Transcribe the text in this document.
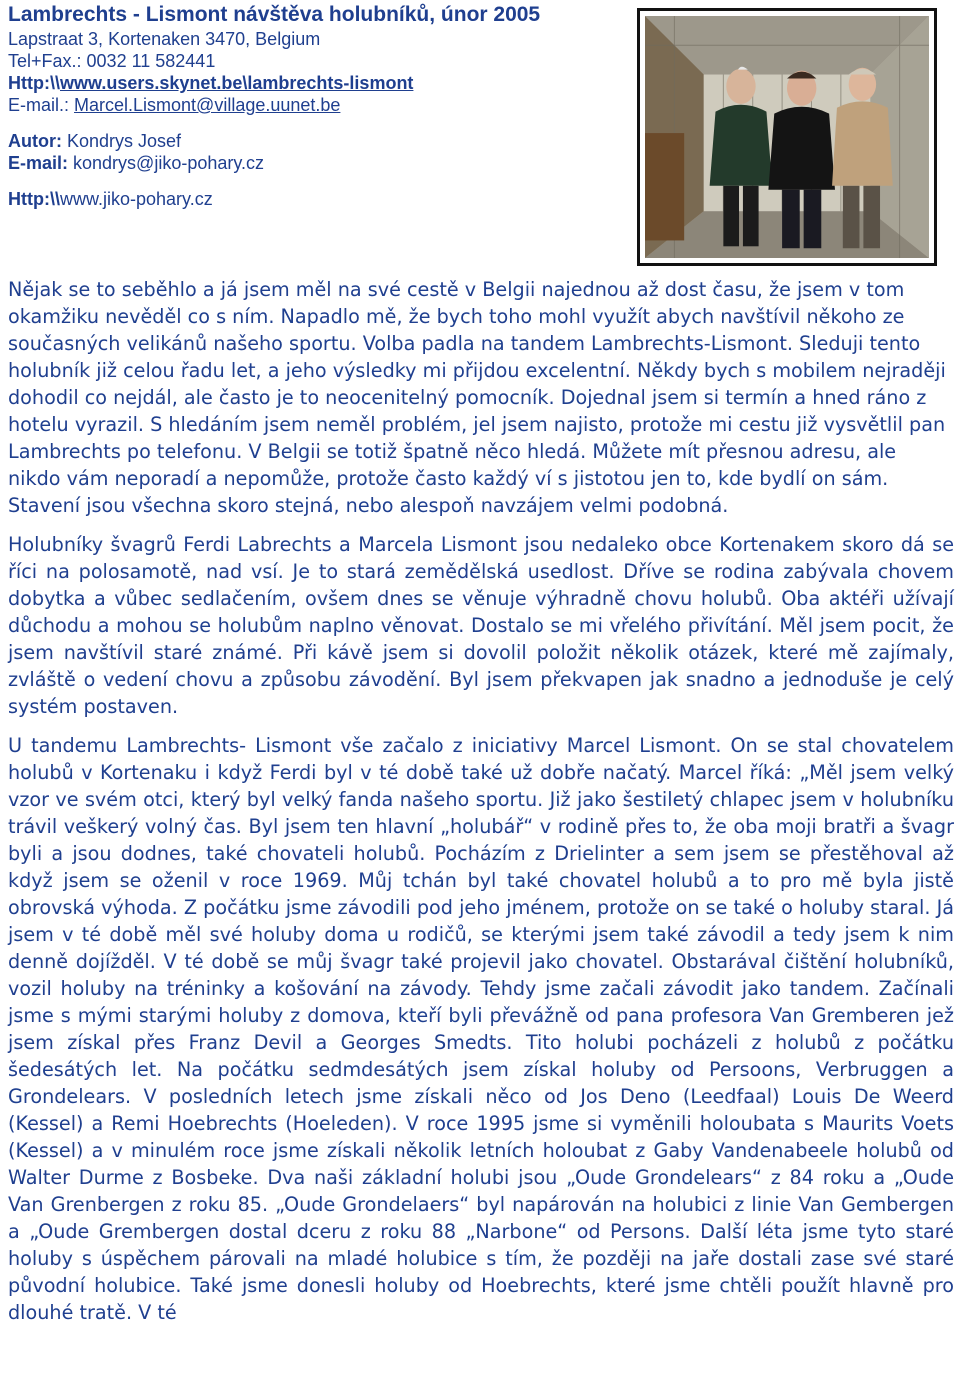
Lambrechts - Lismont návštěva holubníků, únor 2005
Lapstraat 3, Kortenaken 3470, Belgium
Tel+Fax.: 0032 11 582441
Http:\\www.users.skynet.be\lambrechts-lismont
E-mail.: Marcel.Lismont@village.uunet.be
Autor: Kondrys Josef
E-mail: kondrys@jiko-pohary.cz
Http:\\www.jiko-pohary.cz

Nějak se to seběhlo a já jsem měl na své cestě v Belgii najednou až dost času, že jsem v tom okamžiku nevěděl co s ním. Napadlo mě, že bych toho mohl využít abych navštívil někoho ze současných velikánů našeho sportu. Volba padla na tandem Lambrechts-Lismont. Sleduji tento holubník již celou řadu let, a jeho výsledky mi přijdou excelentní. Někdy bych s mobilem nejraději dohodil co nejdál, ale často je to neocenitelný pomocník. Dojednal jsem si termín a hned ráno z hotelu vyrazil. S hledáním jsem neměl problém, jel jsem najisto, protože mi cestu již vysvětlil pan Lambrechts po telefonu. V Belgii se totiž špatně něco hledá. Můžete mít přesnou adresu, ale nikdo vám neporadí a nepomůže, protože často každý ví s jistotou jen to, kde bydlí on sám. Stavení jsou všechna skoro stejná, nebo alespoň navzájem velmi podobná.

Holubníky švagrů Ferdi Labrechts a Marcela Lismont jsou nedaleko obce Kortenakem skoro dá se říci na polosamotě, nad vsí. Je to stará zemědělská usedlost. Dříve se rodina zabývala chovem dobytka a vůbec sedlačením, ovšem dnes se věnuje výhradně chovu holubů. Oba aktéři užívají důchodu a mohou se holubům naplno věnovat. Dostalo se mi vřelého přivítání. Měl jsem pocit, že jsem navštívil staré známé. Při kávě jsem si dovolil položit několik otázek, které mě zajímaly, zvláště o vedení chovu a způsobu závodění. Byl jsem překvapen jak snadno a jednoduše je celý systém postaven.

U tandemu Lambrechts- Lismont vše začalo z iniciativy Marcel Lismont. On se stal chovatelem holubů v Kortenaku i když Ferdi byl v té době také už dobře načatý. Marcel říká: „Měl jsem velký vzor ve svém otci, který byl velký fanda našeho sportu. Již jako šestiletý chlapec jsem v holubníku trávil veškerý volný čas. Byl jsem ten hlavní „holubář“ v rodině přes to, že oba moji bratři a švagr byli a jsou dodnes, také chovateli holubů. Pocházím z Drielinter a sem jsem se přestěhoval až když jsem se oženil v roce 1969. Můj tchán byl také chovatel holubů a to pro mě byla jistě obrovská výhoda. Z počátku jsme závodili pod jeho jménem, protože on se také o holuby staral. Já jsem v té době měl své holuby doma u rodičů, se kterými jsem také závodil a tedy jsem k nim denně dojížděl. V té době se můj švagr také projevil jako chovatel. Obstarával čištění holubníků, vozil holuby na tréninky a košování na závody. Tehdy jsme začali závodit jako tandem. Začínali jsme s mými starými holuby z domova, kteří byli převážně od pana profesora Van Gremberen jež jsem získal přes Franz Devil a Georges Smedts. Tito holubi pocházeli z holubů z počátku šedesátých let. Na počátku sedmdesátých jsem získal holuby od Persoons, Verbruggen a Grondelears. V posledních letech jsme získali něco od Jos Deno (Leedfaal) Louis De Weerd (Kessel) a Remi Hoebrechts (Hoeleden). V roce 1995 jsme si vyměnili holoubata s Maurits Voets (Kessel) a v minulém roce jsme získali několik letních holoubat z Gaby Vandenabeele holubů od Walter Durme z Bosbeke. Dva naši základní holubi jsou „Oude Grondelears“ z 84 roku a „Oude Van Grenbergen z roku 85. „Oude Grondelaers“ byl napárován na holubici z linie Van Gembergen a „Oude Grembergen dostal dceru z roku 88 „Narbone“ od Persons. Další léta jsme tyto staré holuby s úspěchem párovali na mladé holubice s tím, že později na jaře dostali zase své staré původní holubice. Také jsme donesli holuby od Hoebrechts, které jsme chtěli použít hlavně pro dlouhé tratě. V té
